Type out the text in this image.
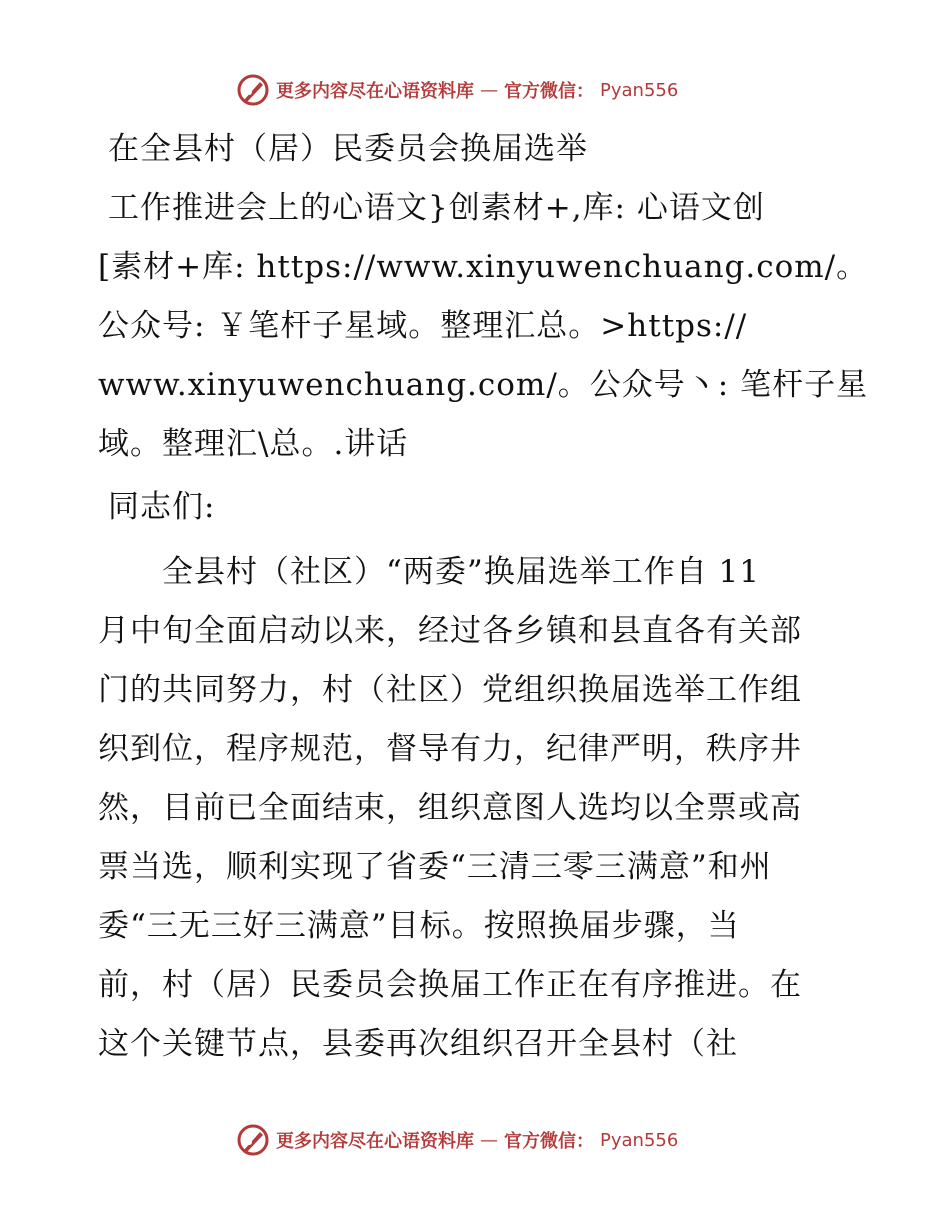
更多内容尽在心语资料库 — 官方微信： Pyan556
在全县村（居）民委员会换届选举
工作推进会上的心语文}创素材+,库: 心语文创
[素材+库: https://www.xinyuwenchuang.com/。
公众号: ￥笔杆子星域。整理汇总。>https://
www.xinyuwenchuang.com/。公众号丶: 笔杆子星
域。整理汇\总。.讲话
同志们:
　　全县村（社区）“两委”换届选举工作自 11
月中旬全面启动以来，经过各乡镇和县直各有关部
门的共同努力，村（社区）党组织换届选举工作组
织到位，程序规范，督导有力，纪律严明，秩序井
然，目前已全面结束，组织意图人选均以全票或高
票当选，顺利实现了省委“三清三零三满意”和州
委“三无三好三满意”目标。按照换届步骤，当
前，村（居）民委员会换届工作正在有序推进。在
这个关键节点，县委再次组织召开全县村（社
更多内容尽在心语资料库 — 官方微信： Pyan556
